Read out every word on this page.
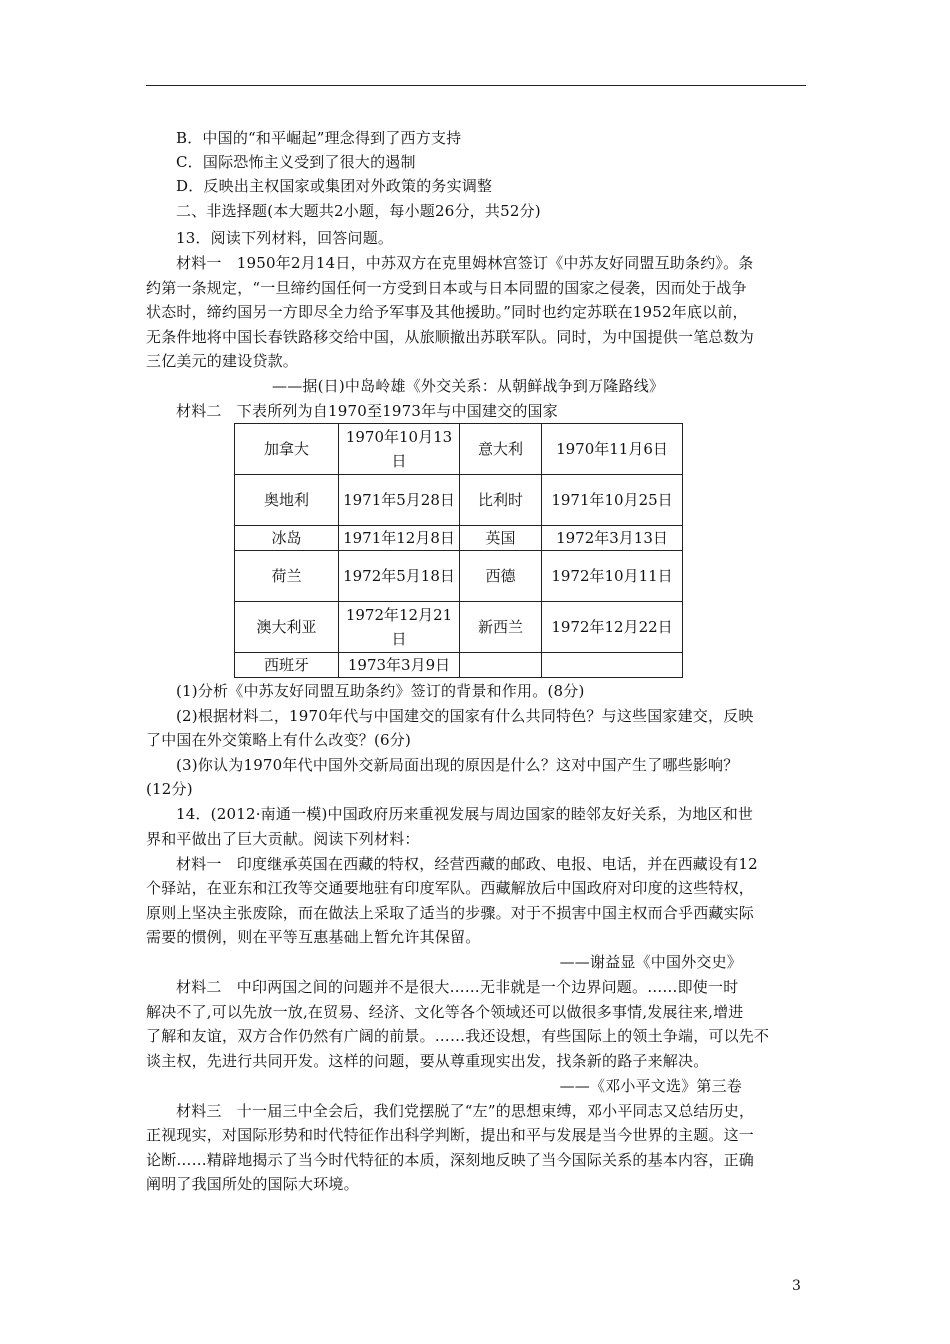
B．中国的“和平崛起”理念得到了西方支持
C．国际恐怖主义受到了很大的遏制
D．反映出主权国家或集团对外政策的务实调整
二、非选择题(本大题共2小题，每小题26分，共52分)
13．阅读下列材料，回答问题。
材料一　1950年2月14日，中苏双方在克里姆林宫签订《中苏友好同盟互助条约》。条
约第一条规定，“一旦缔约国任何一方受到日本或与日本同盟的国家之侵袭，因而处于战争
状态时，缔约国另一方即尽全力给予军事及其他援助。”同时也约定苏联在1952年底以前，
无条件地将中国长春铁路移交给中国，从旅顺撤出苏联军队。同时，为中国提供一笔总数为
三亿美元的建设贷款。
——据(日)中岛岭雄《外交关系：从朝鲜战争到万隆路线》
材料二　下表所列为自1970至1973年与中国建交的国家
加拿大	1970年10月13日	意大利	1970年11月6日
奥地利	1971年5月28日	比利时	1971年10月25日
冰岛	1971年12月8日	英国	1972年3月13日
荷兰	1972年5月18日	西德	1972年10月11日
澳大利亚	1972年12月21日	新西兰	1972年12月22日
西班牙	1973年3月9日		
(1)分析《中苏友好同盟互助条约》签订的背景和作用。(8分)
(2)根据材料二，1970年代与中国建交的国家有什么共同特色？与这些国家建交，反映
了中国在外交策略上有什么改变？(6分)
(3)你认为1970年代中国外交新局面出现的原因是什么？这对中国产生了哪些影响？
(12分)
14．(2012·南通一模)中国政府历来重视发展与周边国家的睦邻友好关系，为地区和世
界和平做出了巨大贡献。阅读下列材料：
材料一　印度继承英国在西藏的特权，经营西藏的邮政、电报、电话，并在西藏设有12
个驿站，在亚东和江孜等交通要地驻有印度军队。西藏解放后中国政府对印度的这些特权，
原则上坚决主张废除，而在做法上采取了适当的步骤。对于不损害中国主权而合乎西藏实际
需要的惯例，则在平等互惠基础上暂允许其保留。
——谢益显《中国外交史》
材料二　中印两国之间的问题并不是很大……无非就是一个边界问题。……即使一时
解决不了,可以先放一放,在贸易、经济、文化等各个领域还可以做很多事情,发展往来,增进
了解和友谊，双方合作仍然有广阔的前景。……我还设想，有些国际上的领土争端，可以先不
谈主权，先进行共同开发。这样的问题，要从尊重现实出发，找条新的路子来解决。
——《邓小平文选》第三卷
材料三　十一届三中全会后，我们党摆脱了“左”的思想束缚，邓小平同志又总结历史，
正视现实，对国际形势和时代特征作出科学判断，提出和平与发展是当今世界的主题。这一
论断……精辟地揭示了当今时代特征的本质，深刻地反映了当今国际关系的基本内容，正确
阐明了我国所处的国际大环境。
3
